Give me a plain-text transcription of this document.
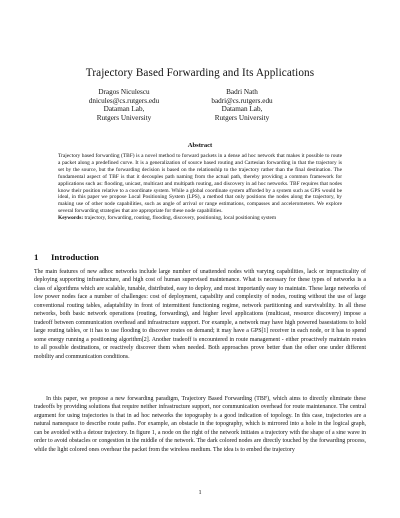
Trajectory Based Forwarding and Its Applications
Dragos Niculescu
dnicules@cs.rutgers.edu
Dataman Lab,
Rutgers University
Badri Nath
badri@cs.rutgers.edu
Dataman Lab,
Rutgers University
Abstract
Trajectory based forwarding (TBF) is a novel method to forward packets in a dense ad hoc network that makes it possible to route a packet along a predefined curve. It is a generalization of source based routing and Cartesian forwarding in that the trajectory is set by the source, but the forwarding decision is based on the relationship to the trajectory rather than the final destination. The fundamental aspect of TBF is that it decouples path naming from the actual path, thereby providing a common framework for applications such as: flooding, unicast, multicast and multipath routing, and discovery in ad hoc networks. TBF requires that nodes know their position relative to a coordinate system. While a global coordinate system afforded by a system such as GPS would be ideal, in this paper we propose Local Positioning System (LPS), a method that only positions the nodes along the trajectory, by making use of other node capabilities, such as angle of arrival or range estimations, compasses and accelerometers. We explore several forwarding strategies that are appropriate for these node capabilities.
Keywords: trajectory, forwarding, routing, flooding, discovery, positioning, local positioning system
1 Introduction
The main features of new adhoc networks include large number of unattended nodes with varying capabilities, lack or impracticality of deploying supporting infrastructure, and high cost of human supervised maintenance. What is necessary for these types of networks is a class of algorithms which are scalable, tunable, distributed, easy to deploy, and most importantly easy to maintain. These large networks of low power nodes face a number of challenges: cost of deployment, capability and complexity of nodes, routing without the use of large conventional routing tables, adaptability in front of intermittent functioning regime, network partitioning and survivability. In all these networks, both basic network operations (routing, forwarding), and higher level applications (multicast, resource discovery) impose a tradeoff between communication overhead and infrastructure support. For example, a network may have high powered basestations to hold large routing tables, or it has to use flooding to discover routes on demand; it may have a GPS[1] receiver in each node, or it has to spend some energy running a positioning algorithm[2]. Another tradeoff is encountered in route management - either proactively maintain routes to all possible destinations, or reactively discover them when needed. Both approaches prove better than the other one under different mobility and communication conditions.
In this paper, we propose a new forwarding paradigm, Trajectory Based Forwarding (TBF), which aims to directly eliminate these tradeoffs by providing solutions that require neither infrastructure support, nor communication overhead for route maintenance. The central argument for using trajectories is that in ad hoc networks the topography is a good indication of topology. In this case, trajectories are a natural namespace to describe route paths. For example, an obstacle in the topography, which is mirrored into a hole in the logical graph, can be avoided with a detour trajectory. In figure 1, a node on the right of the network initiates a trajectory with the shape of a sine wave in order to avoid obstacles or congestion in the middle of the network. The dark colored nodes are directly touched by the forwarding process, while the light colored ones overhear the packet from the wireless medium. The idea is to embed the trajectory
1
